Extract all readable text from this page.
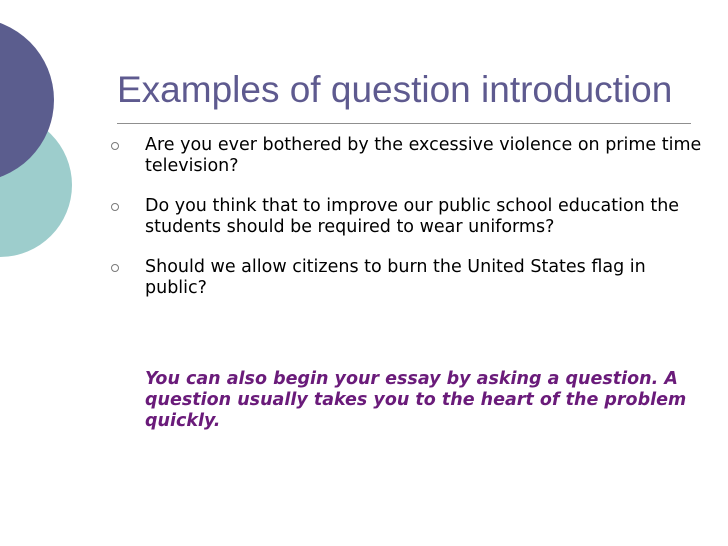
Examples of question introduction
Are you ever bothered by the excessive violence on prime time television?
Do you think that to improve our public school education the students should be required to wear uniforms?
Should we allow citizens to burn the United States flag in public?

You can also begin your essay by asking a question. A question usually takes you to the heart of the problem quickly.
